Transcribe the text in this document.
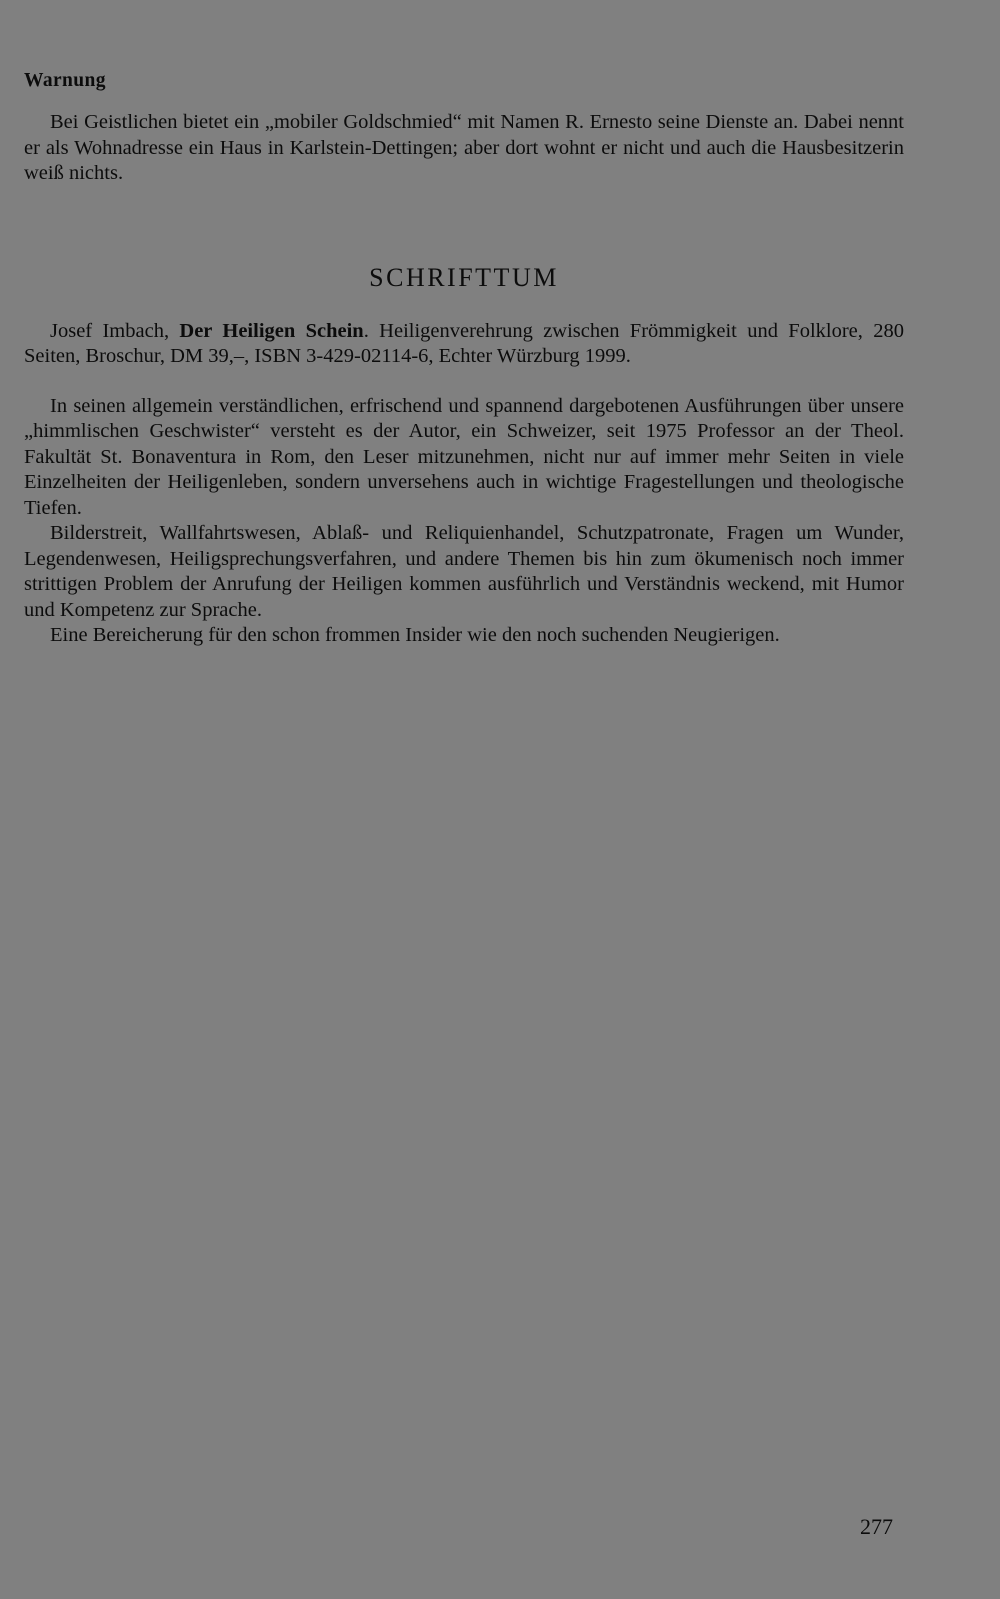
Warnung

Bei Geistlichen bietet ein „mobiler Goldschmied“ mit Namen R. Ernesto seine Dienste an. Dabei nennt er als Wohnadresse ein Haus in Karlstein-Dettingen; aber dort wohnt er nicht und auch die Hausbesitzerin weiß nichts.

SCHRIFTTUM

Josef Imbach, Der Heiligen Schein. Heiligenverehrung zwischen Frömmigkeit und Folklore, 280 Seiten, Broschur, DM 39,–, ISBN 3-429-02114-6, Echter Würzburg 1999.

In seinen allgemein verständlichen, erfrischend und spannend dargebotenen Ausführungen über unsere „himmlischen Geschwister“ versteht es der Autor, ein Schweizer, seit 1975 Professor an der Theol. Fakultät St. Bonaventura in Rom, den Leser mitzunehmen, nicht nur auf immer mehr Seiten in viele Einzelheiten der Heiligenleben, sondern unversehens auch in wichtige Fragestellungen und theologische Tiefen.

Bilderstreit, Wallfahrtswesen, Ablaß- und Reliquienhandel, Schutzpatronate, Fragen um Wunder, Legendenwesen, Heiligsprechungsverfahren, und andere Themen bis hin zum ökumenisch noch immer strittigen Problem der Anrufung der Heiligen kommen ausführlich und Verständnis weckend, mit Humor und Kompetenz zur Sprache.

Eine Bereicherung für den schon frommen Insider wie den noch suchenden Neugierigen.

277
